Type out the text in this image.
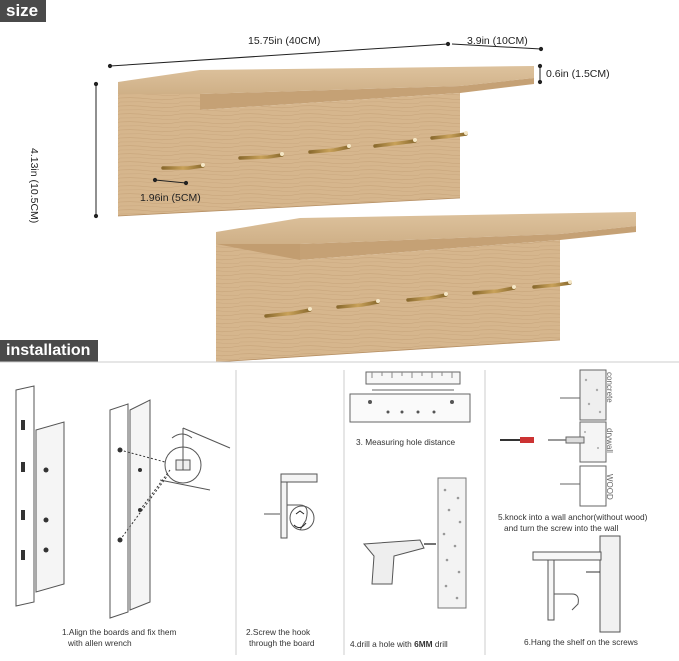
size
installation
15.75in (40CM)	3.9in (10CM)
0.6in (1.5CM)
4.13in (10.5CM)	1.96in (5CM)
concrete
drywall
WOOD
1.Align the boards and fix them
with allen wrench
2.Screw the hook
through the board
3. Measuring hole distance
4.drill a hole with 6MM drill
5.knock into a wall anchor(without wood)
and turn the screw into the wall
6.Hang the shelf on the screws
